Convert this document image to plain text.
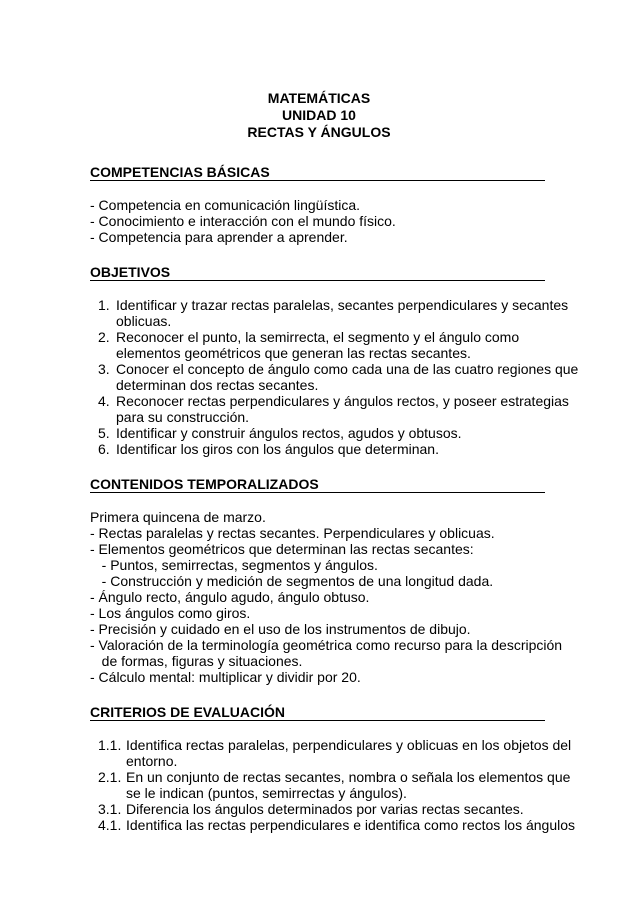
MATEMÁTICAS
UNIDAD 10
RECTAS Y ÁNGULOS
COMPETENCIAS BÁSICAS
- Competencia en comunicación lingüística.
- Conocimiento e interacción con el mundo físico.
- Competencia para aprender a aprender.
OBJETIVOS
1. Identificar y trazar rectas paralelas, secantes perpendiculares y secantes
oblicuas.
2. Reconocer el punto, la semirrecta, el segmento y el ángulo como
elementos geométricos que generan las rectas secantes.
3. Conocer el concepto de ángulo como cada una de las cuatro regiones que
determinan dos rectas secantes.
4. Reconocer rectas perpendiculares y ángulos rectos, y poseer estrategias
para su construcción.
5. Identificar y construir ángulos rectos, agudos y obtusos.
6. Identificar los giros con los ángulos que determinan.
CONTENIDOS TEMPORALIZADOS
Primera quincena de marzo.
- Rectas paralelas y rectas secantes. Perpendiculares y oblicuas.
- Elementos geométricos que determinan las rectas secantes:
- Puntos, semirrectas, segmentos y ángulos.
- Construcción y medición de segmentos de una longitud dada.
- Ángulo recto, ángulo agudo, ángulo obtuso.
- Los ángulos como giros.
- Precisión y cuidado en el uso de los instrumentos de dibujo.
- Valoración de la terminología geométrica como recurso para la descripción
de formas, figuras y situaciones.
- Cálculo mental: multiplicar y dividir por 20.
CRITERIOS DE EVALUACIÓN
1.1. Identifica rectas paralelas, perpendiculares y oblicuas en los objetos del
entorno.
2.1. En un conjunto de rectas secantes, nombra o señala los elementos que
se le indican (puntos, semirrectas y ángulos).
3.1. Diferencia los ángulos determinados por varias rectas secantes.
4.1. Identifica las rectas perpendiculares e identifica como rectos los ángulos
